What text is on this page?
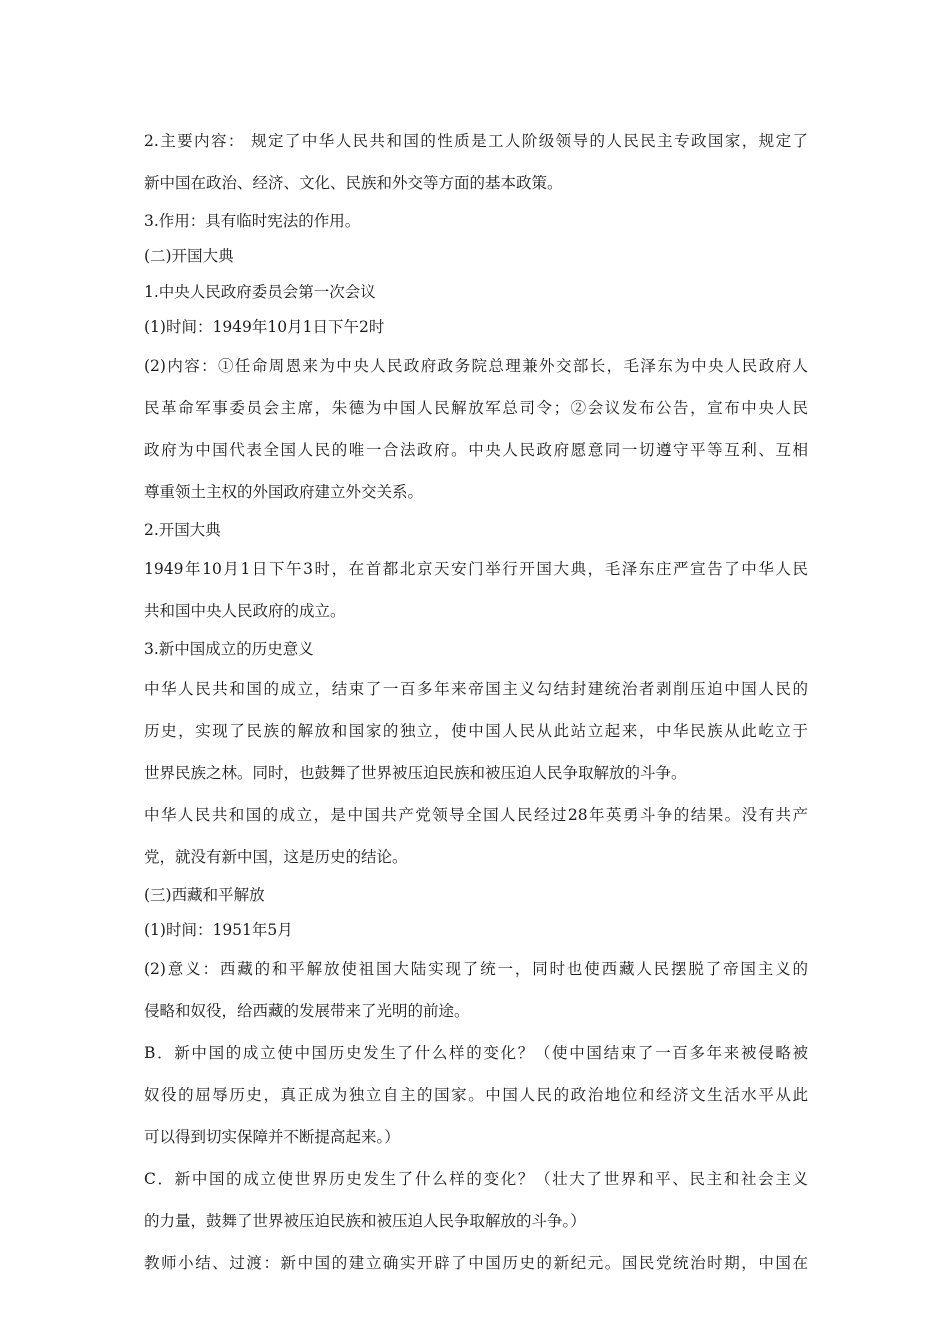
2.主要内容： 规定了中华人民共和国的性质是工人阶级领导的人民民主专政国家，规定了
新中国在政治、经济、文化、民族和外交等方面的基本政策。
3.作用：具有临时宪法的作用。
(二)开国大典
1.中央人民政府委员会第一次会议
(1)时间：1949年10月1日下午2时
(2)内容：①任命周恩来为中央人民政府政务院总理兼外交部长，毛泽东为中央人民政府人
民革命军事委员会主席，朱德为中国人民解放军总司令；②会议发布公告，宣布中央人民
政府为中国代表全国人民的唯一合法政府。中央人民政府愿意同一切遵守平等互利、互相
尊重领土主权的外国政府建立外交关系。
2.开国大典
1949年10月1日下午3时，在首都北京天安门举行开国大典，毛泽东庄严宣告了中华人民
共和国中央人民政府的成立。
3.新中国成立的历史意义
中华人民共和国的成立，结束了一百多年来帝国主义勾结封建统治者剥削压迫中国人民的
历史，实现了民族的解放和国家的独立，使中国人民从此站立起来，中华民族从此屹立于
世界民族之林。同时，也鼓舞了世界被压迫民族和被压迫人民争取解放的斗争。
中华人民共和国的成立，是中国共产党领导全国人民经过28年英勇斗争的结果。没有共产
党，就没有新中国，这是历史的结论。
(三)西藏和平解放
(1)时间：1951年5月
(2)意义：西藏的和平解放使祖国大陆实现了统一，同时也使西藏人民摆脱了帝国主义的
侵略和奴役，给西藏的发展带来了光明的前途。
B．新中国的成立使中国历史发生了什么样的变化？（使中国结束了一百多年来被侵略被
奴役的屈辱历史，真正成为独立自主的国家。中国人民的政治地位和经济文生活水平从此
可以得到切实保障并不断提高起来。）
C．新中国的成立使世界历史发生了什么样的变化？（壮大了世界和平、民主和社会主义
的力量，鼓舞了世界被压迫民族和被压迫人民争取解放的斗争。）
教师小结、过渡：新中国的建立确实开辟了中国历史的新纪元。国民党统治时期，中国在
